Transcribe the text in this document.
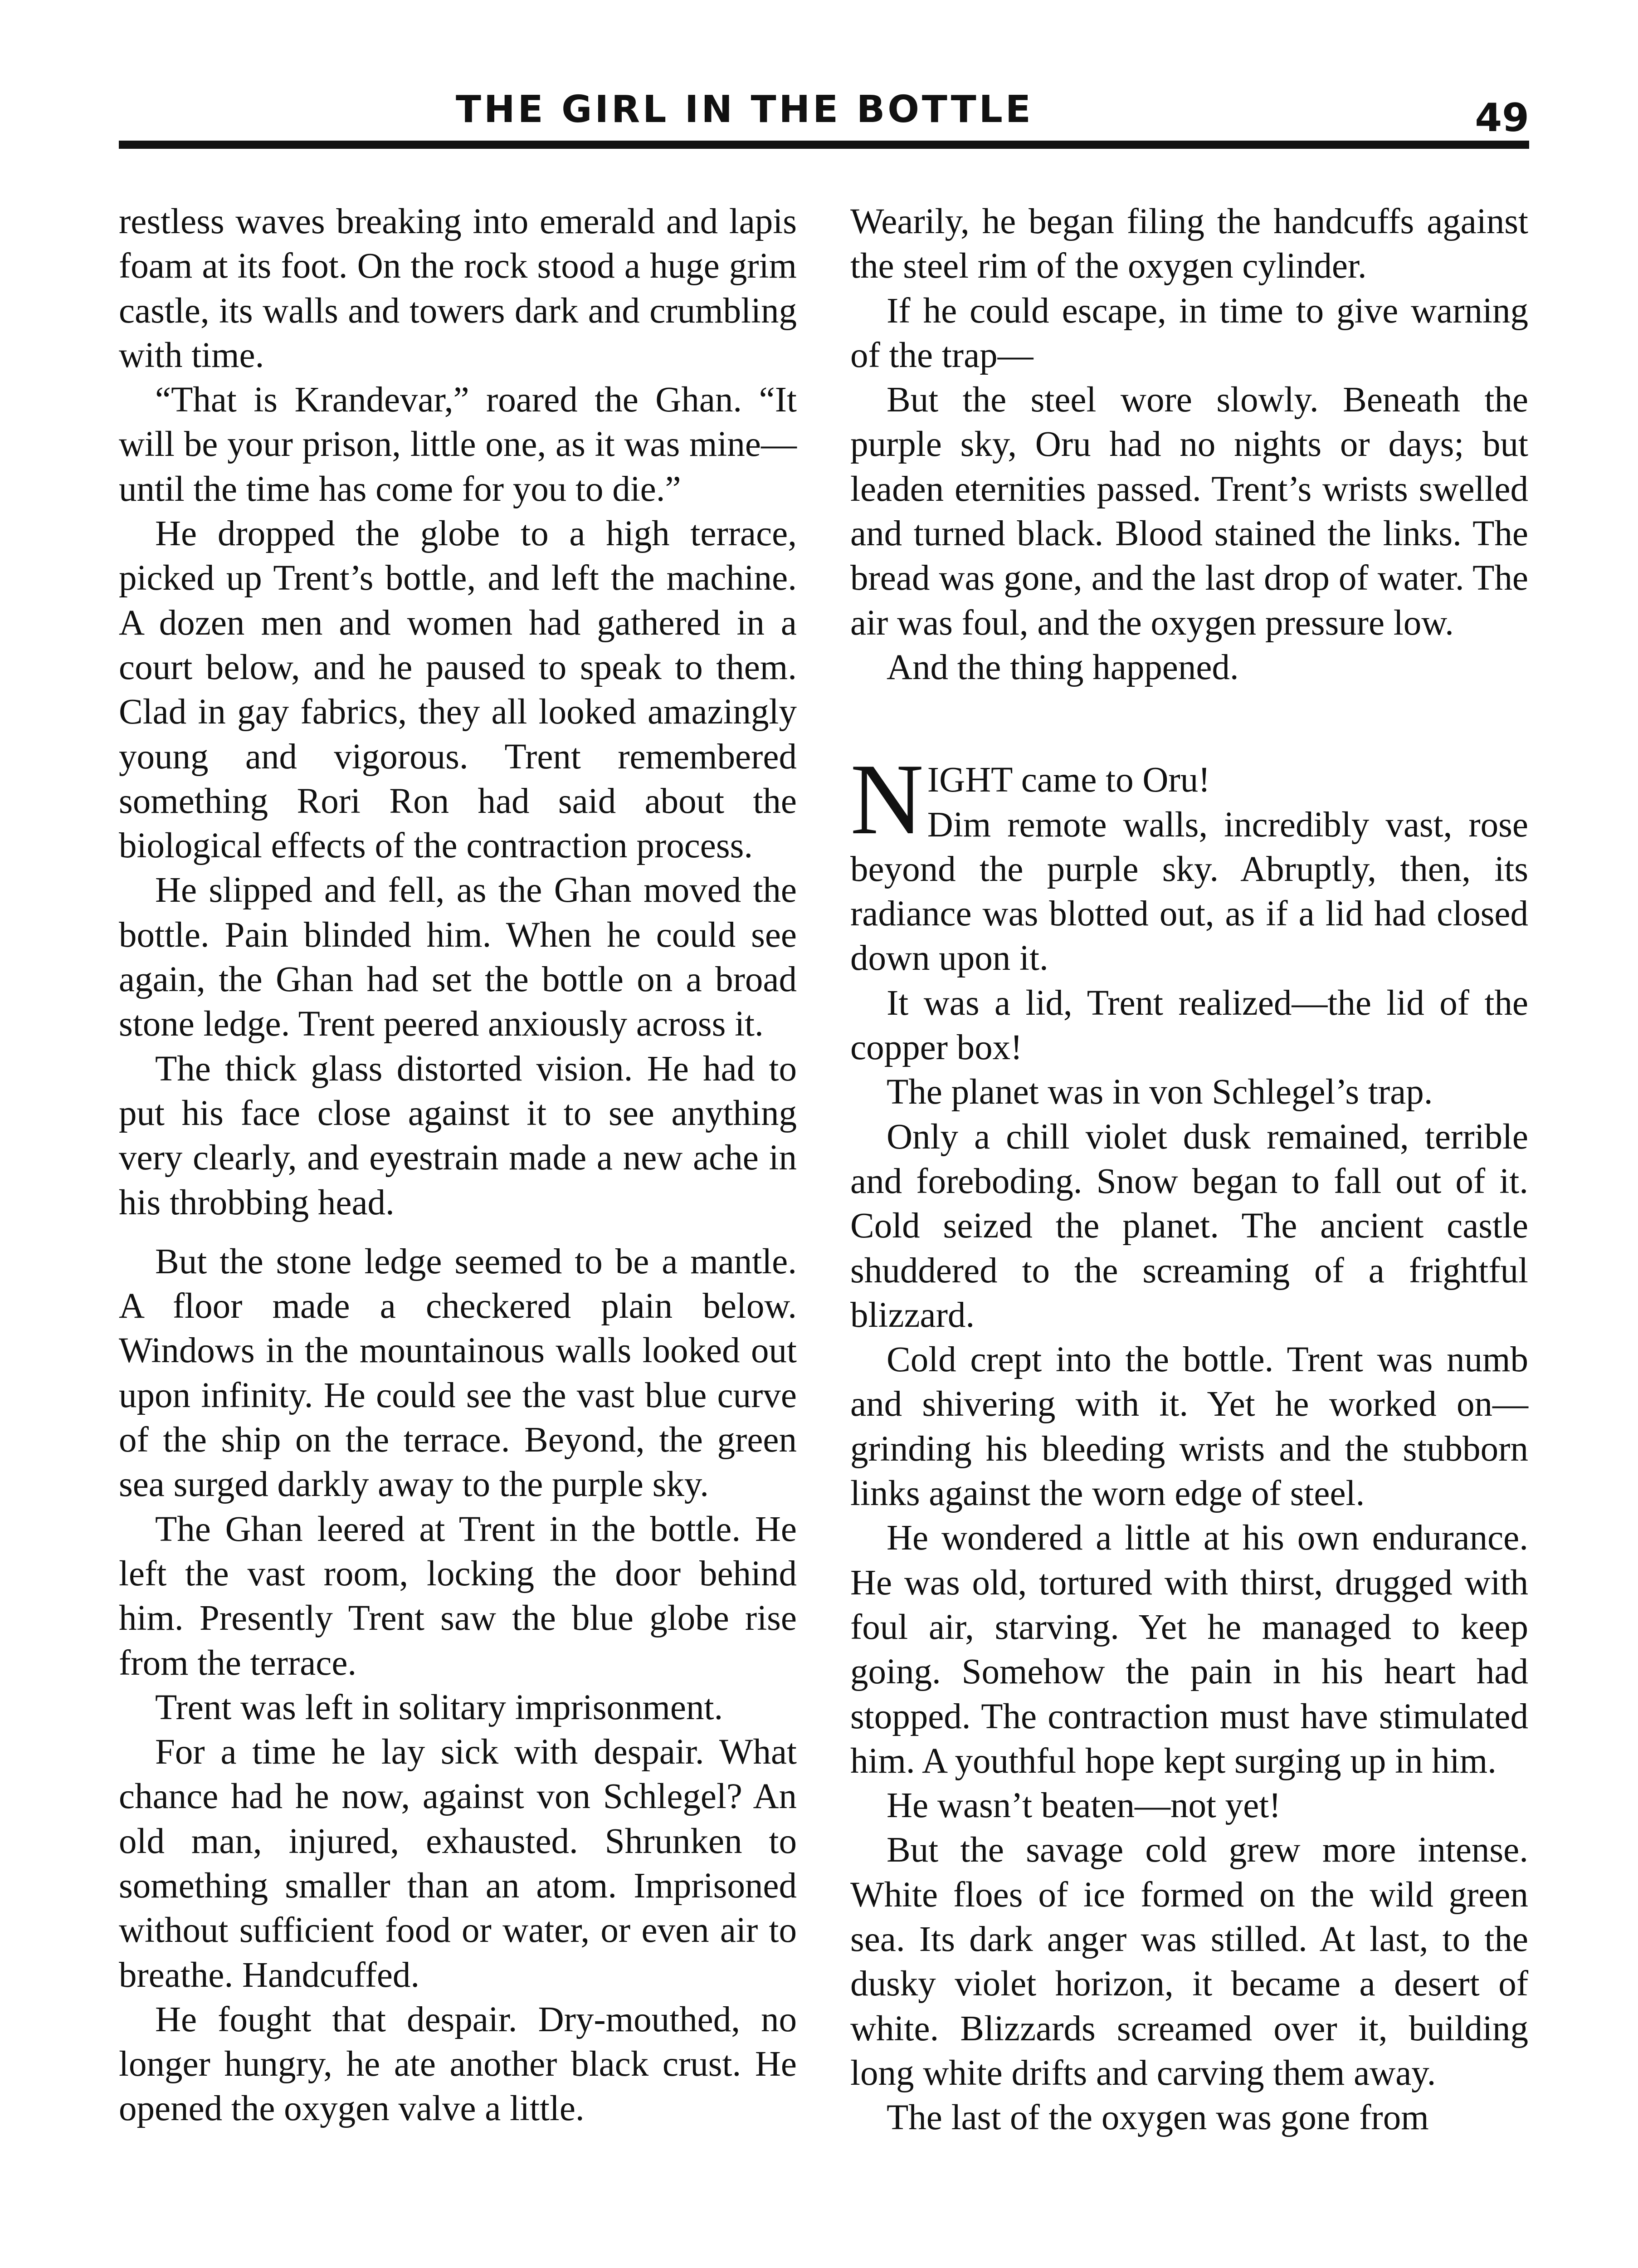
THE GIRL IN THE BOTTLE	49

restless waves breaking into emerald and lapis foam at its foot. On the rock stood a huge grim castle, its walls and towers dark and crumbling with time.

“That is Krandevar,” roared the Ghan. “It will be your prison, little one, as it was mine—until the time has come for you to die.”

He dropped the globe to a high terrace, picked up Trent’s bottle, and left the machine. A dozen men and women had gathered in a court below, and he paused to speak to them. Clad in gay fabrics, they all looked amazingly young and vigorous. Trent remembered something Rori Ron had said about the biological effects of the contraction process.

He slipped and fell, as the Ghan moved the bottle. Pain blinded him. When he could see again, the Ghan had set the bottle on a broad stone ledge. Trent peered anxiously across it.

The thick glass distorted vision. He had to put his face close against it to see anything very clearly, and eyestrain made a new ache in his throbbing head.

But the stone ledge seemed to be a mantle. A floor made a checkered plain below. Windows in the mountainous walls looked out upon infinity. He could see the vast blue curve of the ship on the terrace. Beyond, the green sea surged darkly away to the purple sky.

The Ghan leered at Trent in the bottle. He left the vast room, locking the door behind him. Presently Trent saw the blue globe rise from the terrace.

Trent was left in solitary imprisonment.

For a time he lay sick with despair. What chance had he now, against von Schlegel? An old man, injured, exhausted. Shrunken to something smaller than an atom. Imprisoned without sufficient food or water, or even air to breathe. Handcuffed.

He fought that despair. Dry-mouthed, no longer hungry, he ate another black crust. He opened the oxygen valve a little.

Wearily, he began filing the handcuffs against the steel rim of the oxygen cylinder.

If he could escape, in time to give warning of the trap—

But the steel wore slowly. Beneath the purple sky, Oru had no nights or days; but leaden eternities passed. Trent’s wrists swelled and turned black. Blood stained the links. The bread was gone, and the last drop of water. The air was foul, and the oxygen pressure low.

And the thing happened.

NIGHT came to Oru!
Dim remote walls, incredibly vast, rose beyond the purple sky. Abruptly, then, its radiance was blotted out, as if a lid had closed down upon it.

It was a lid, Trent realized—the lid of the copper box!

The planet was in von Schlegel’s trap.

Only a chill violet dusk remained, terrible and foreboding. Snow began to fall out of it. Cold seized the planet. The ancient castle shuddered to the screaming of a frightful blizzard.

Cold crept into the bottle. Trent was numb and shivering with it. Yet he worked on—grinding his bleeding wrists and the stubborn links against the worn edge of steel.

He wondered a little at his own endurance. He was old, tortured with thirst, drugged with foul air, starving. Yet he managed to keep going. Somehow the pain in his heart had stopped. The contraction must have stimulated him. A youthful hope kept surging up in him.

He wasn’t beaten—not yet!

But the savage cold grew more intense. White floes of ice formed on the wild green sea. Its dark anger was stilled. At last, to the dusky violet horizon, it became a desert of white. Blizzards screamed over it, building long white drifts and carving them away.

The last of the oxygen was gone from
